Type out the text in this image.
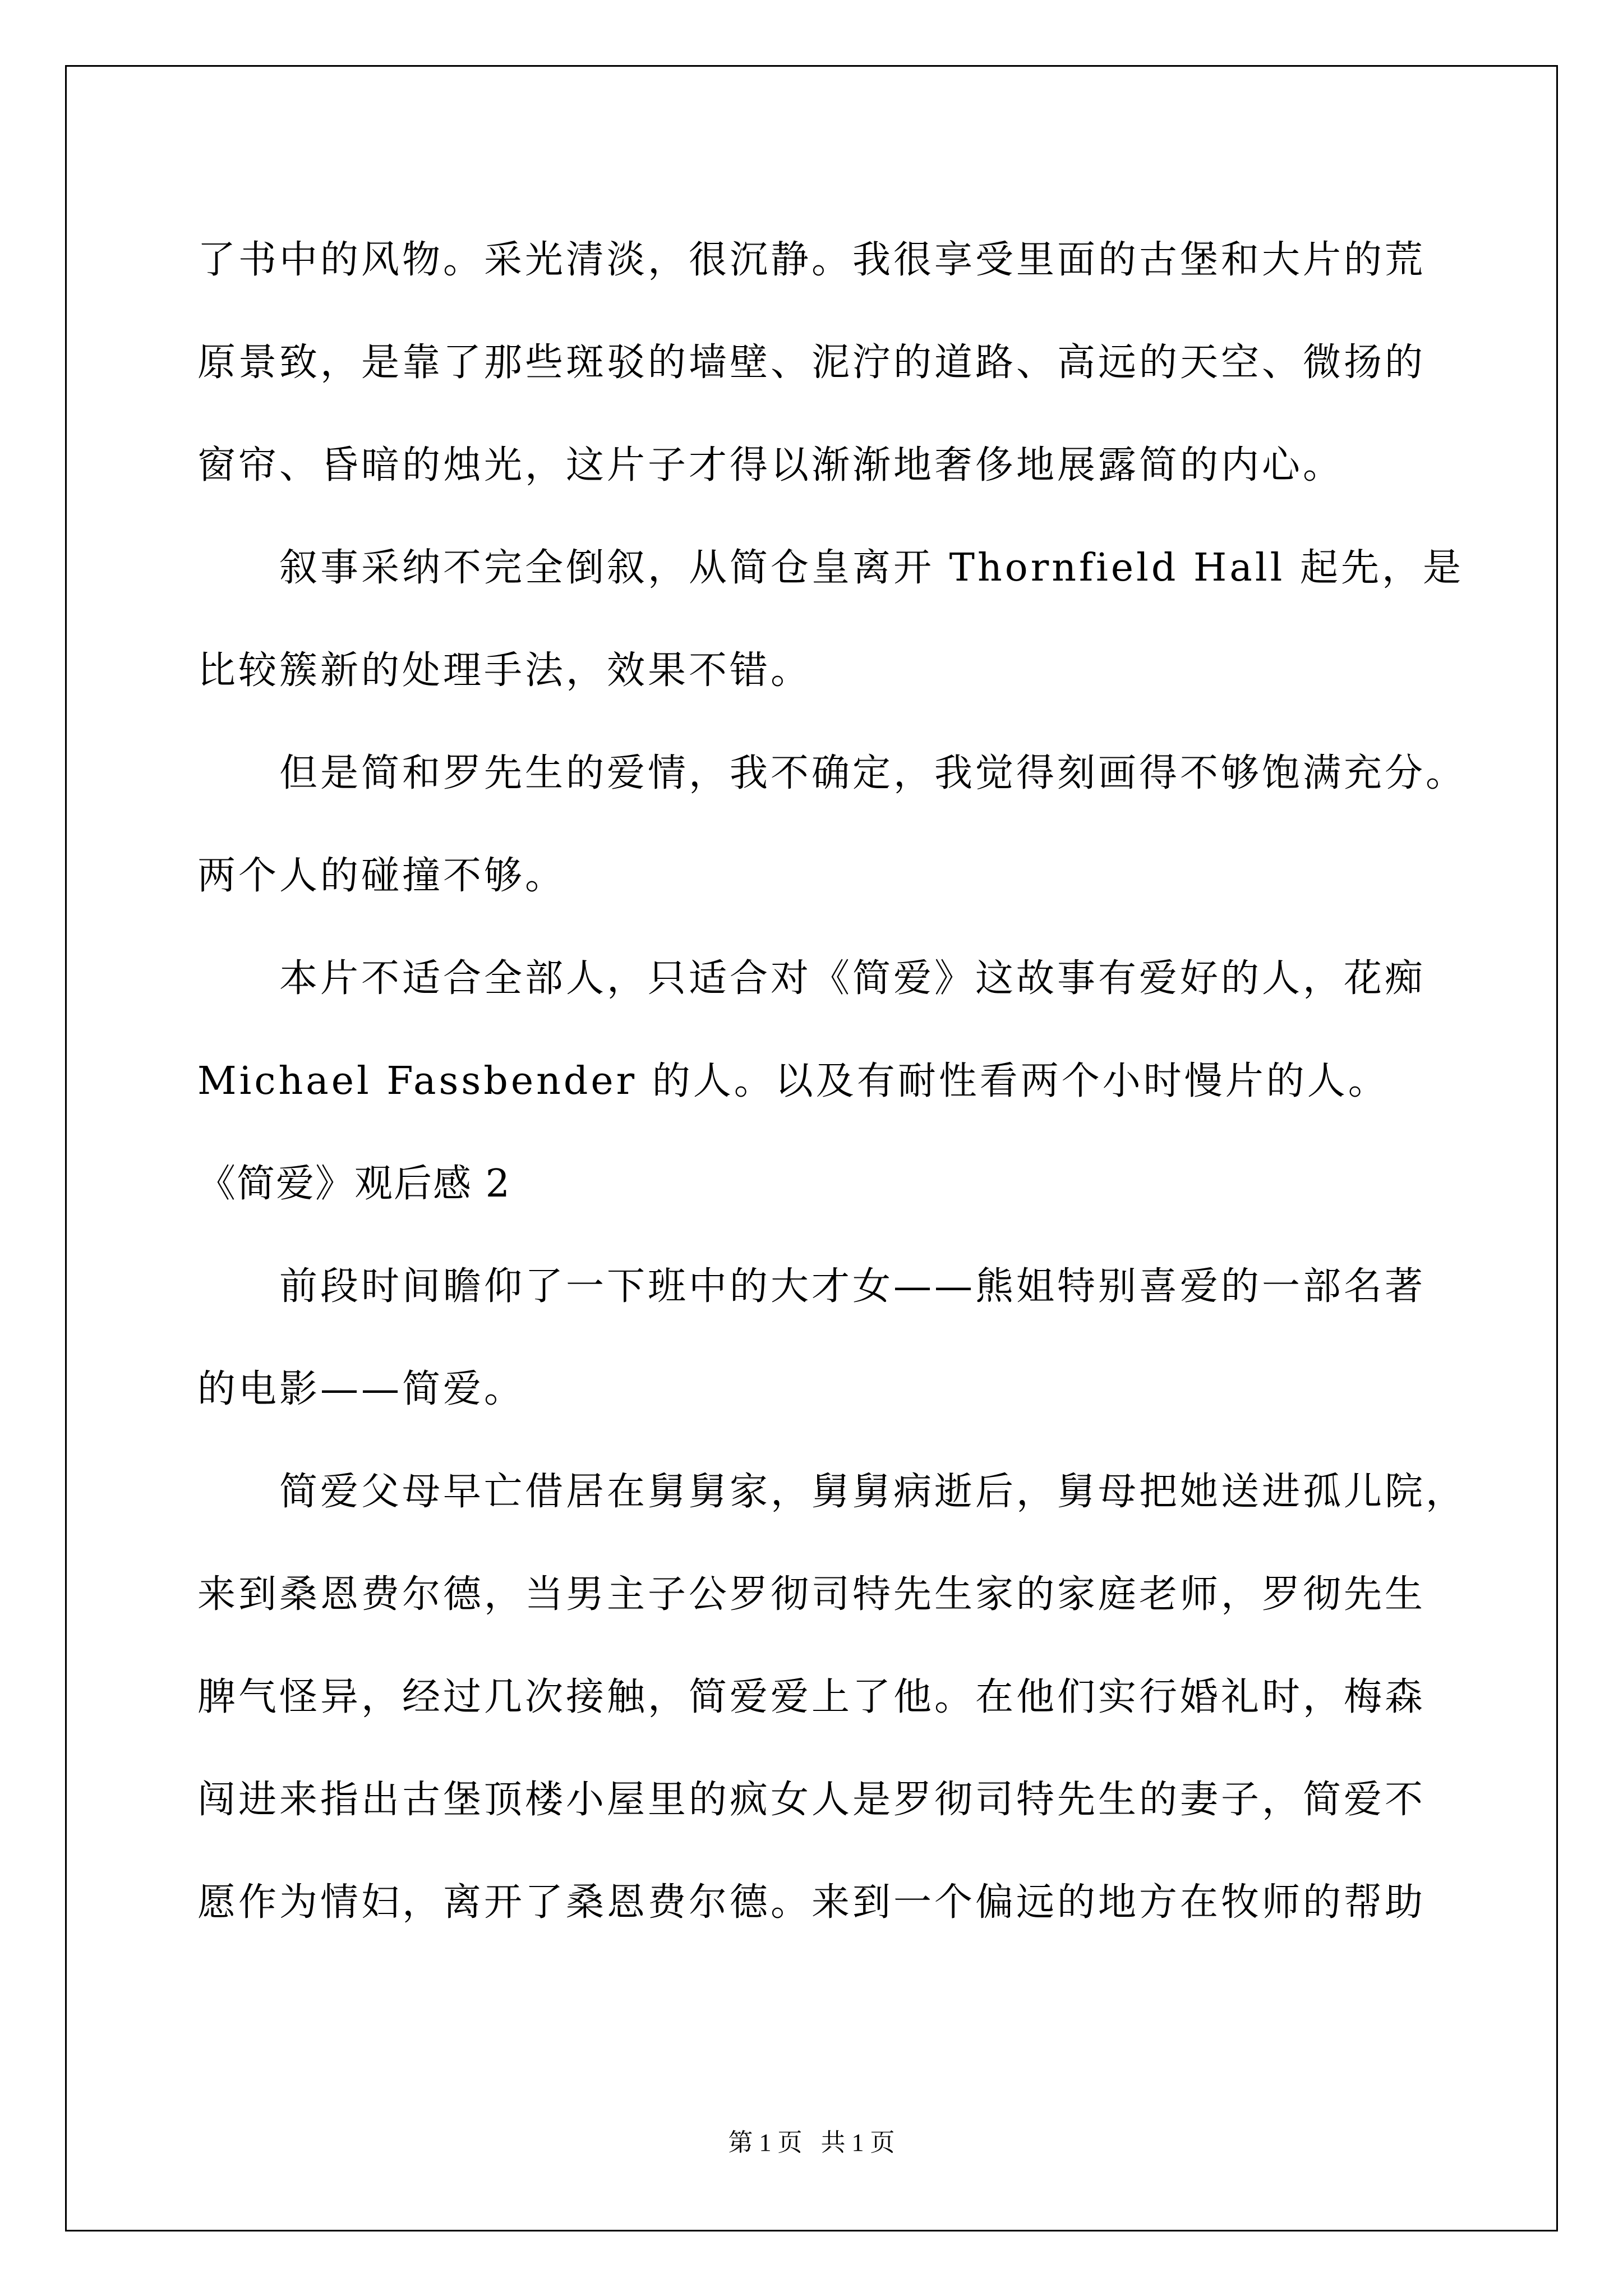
了书中的风物。采光清淡，很沉静。我很享受里面的古堡和大片的荒
原景致，是靠了那些斑驳的墙壁、泥泞的道路、高远的天空、微扬的
窗帘、昏暗的烛光，这片子才得以渐渐地奢侈地展露简的内心。
叙事采纳不完全倒叙，从简仓皇离开 Thornfield Hall 起先，是
比较簇新的处理手法，效果不错。
但是简和罗先生的爱情，我不确定，我觉得刻画得不够饱满充分。
两个人的碰撞不够。
本片不适合全部人，只适合对《简爱》这故事有爱好的人，花痴
Michael Fassbender 的人。以及有耐性看两个小时慢片的人。
《简爱》观后感 2
前段时间瞻仰了一下班中的大才女——熊姐特别喜爱的一部名著
的电影——简爱。
简爱父母早亡借居在舅舅家，舅舅病逝后，舅母把她送进孤儿院，
来到桑恩费尔德，当男主子公罗彻司特先生家的家庭老师，罗彻先生
脾气怪异，经过几次接触，简爱爱上了他。在他们实行婚礼时，梅森
闯进来指出古堡顶楼小屋里的疯女人是罗彻司特先生的妻子，简爱不
愿作为情妇，离开了桑恩费尔德。来到一个偏远的地方在牧师的帮助
第 1 页   共 1 页
